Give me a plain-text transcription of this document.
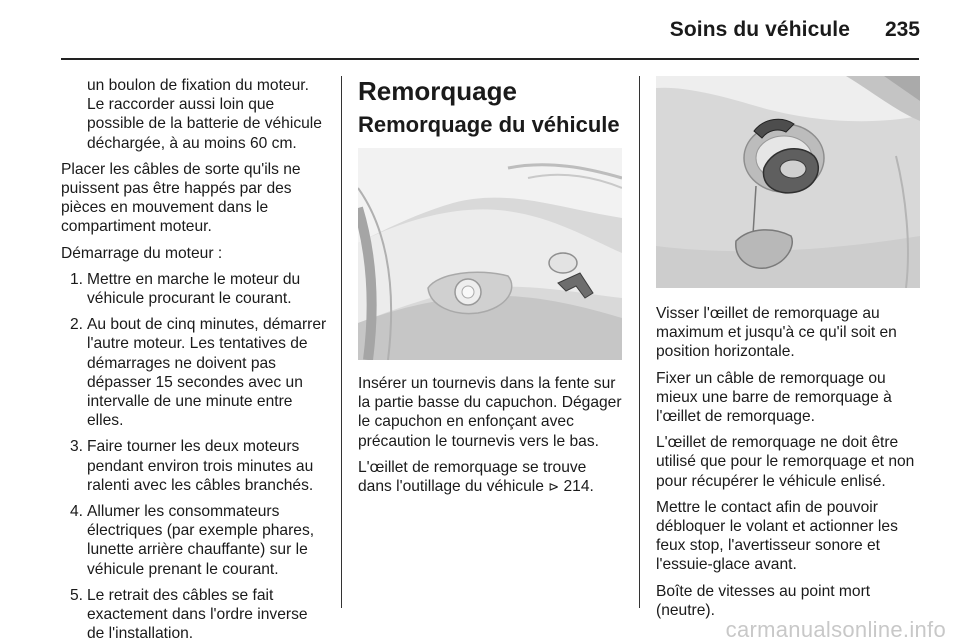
Soins du véhicule 235
un boulon de fixation du moteur. Le raccorder aussi loin que possible de la batterie de véhicule déchargée, à au moins 60 cm.

Placer les câbles de sorte qu'ils ne puissent pas être happés par des pièces en mouvement dans le compartiment moteur.

Démarrage du moteur :

1. Mettre en marche le moteur du véhicule procurant le courant.
2. Au bout de cinq minutes, démarrer l'autre moteur. Les tentatives de démarrages ne doivent pas dépasser 15 secondes avec un intervalle de une minute entre elles.
3. Faire tourner les deux moteurs pendant environ trois minutes au ralenti avec les câbles branchés.
4. Allumer les consommateurs électriques (par exemple phares, lunette arrière chauffante) sur le véhicule prenant le courant.
5. Le retrait des câbles se fait exactement dans l'ordre inverse de l'installation.
Remorquage
Remorquage du véhicule

Insérer un tournevis dans la fente sur la partie basse du capuchon. Dégager le capuchon en enfonçant avec précaution le tournevis vers le bas.

L'œillet de remorquage se trouve dans l'outillage du véhicule ⊳ 214.

Visser l'œillet de remorquage au maximum et jusqu'à ce qu'il soit en position horizontale.

Fixer un câble de remorquage ou mieux une barre de remorquage à l'œillet de remorquage.

L'œillet de remorquage ne doit être utilisé que pour le remorquage et non pour récupérer le véhicule enlisé.

Mettre le contact afin de pouvoir débloquer le volant et actionner les feux stop, l'avertisseur sonore et l'essuie-glace avant.

Boîte de vitesses au point mort (neutre).

carmanualsonline.info
